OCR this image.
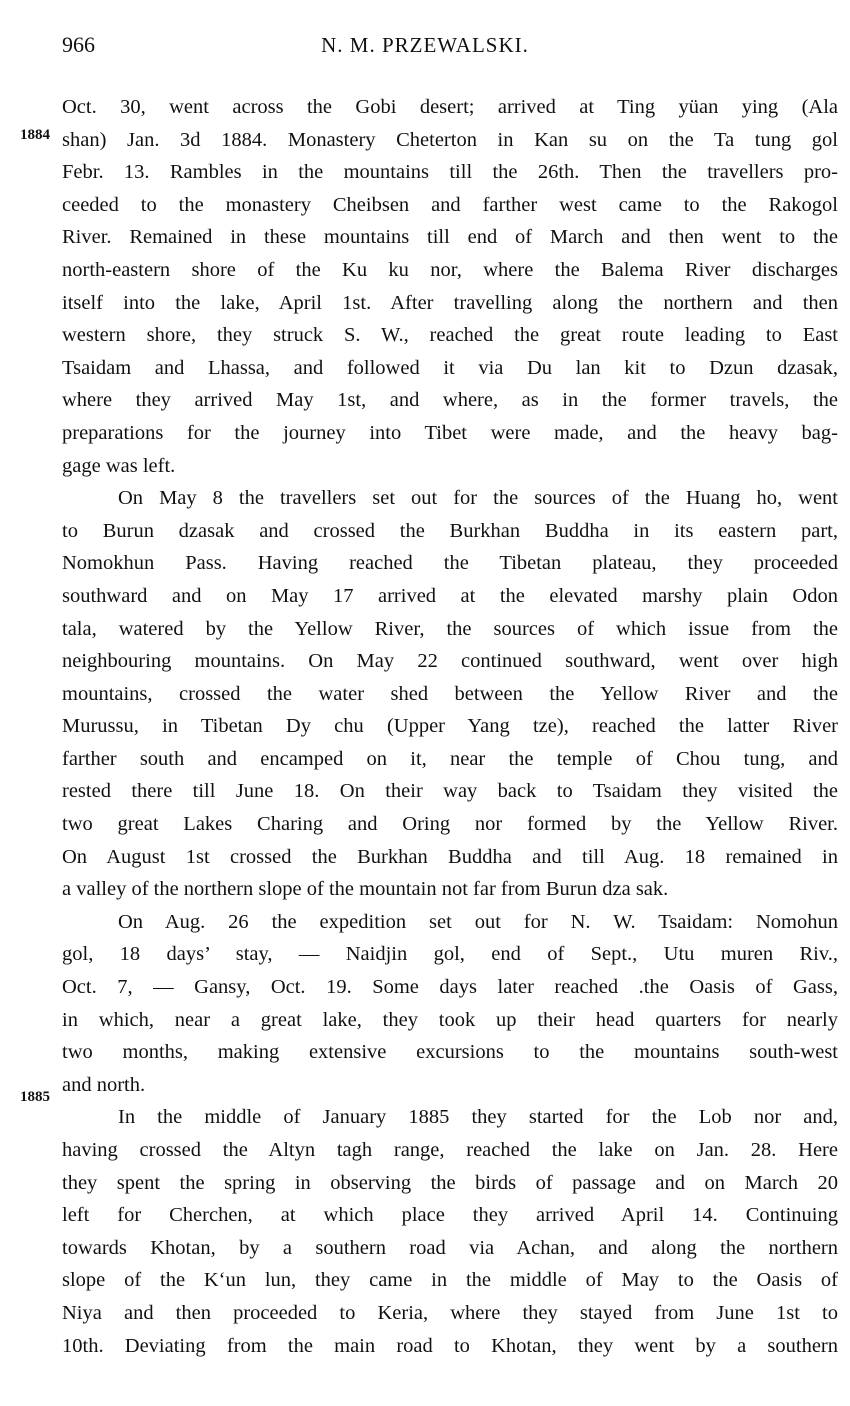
966	N. M. PRZEWALSKI.
1884
1885
Oct. 30, went across the Gobi desert; arrived at Ting yüan ying (Ala
shan) Jan. 3d 1884. Monastery Cheterton in Kan su on the Ta tung gol
Febr. 13. Rambles in the mountains till the 26th. Then the travellers pro-
ceeded to the monastery Cheibsen and farther west came to the Rakogol
River. Remained in these mountains till end of March and then went to the
north-eastern shore of the Ku ku nor, where the Balema River discharges
itself into the lake, April 1st. After travelling along the northern and then
western shore, they struck S. W., reached the great route leading to East
Tsaidam and Lhassa, and followed it via Du lan kit to Dzun dzasak,
where they arrived May 1st, and where, as in the former travels, the
preparations for the journey into Tibet were made, and the heavy bag-
gage was left.
On May 8 the travellers set out for the sources of the Huang ho, went
to Burun dzasak and crossed the Burkhan Buddha in its eastern part,
Nomokhun Pass. Having reached the Tibetan plateau, they proceeded
southward and on May 17 arrived at the elevated marshy plain Odon
tala, watered by the Yellow River, the sources of which issue from the
neighbouring mountains. On May 22 continued southward, went over high
mountains, crossed the water shed between the Yellow River and the
Murussu, in Tibetan Dy chu (Upper Yang tze), reached the latter River
farther south and encamped on it, near the temple of Chou tung, and
rested there till June 18. On their way back to Tsaidam they visited the
two great Lakes Charing and Oring nor formed by the Yellow River.
On August 1st crossed the Burkhan Buddha and till Aug. 18 remained in
a valley of the northern slope of the mountain not far from Burun dza sak.
On Aug. 26 the expedition set out for N. W. Tsaidam: Nomohun
gol, 18 days’ stay, — Naidjin gol, end of Sept., Utu muren Riv.,
Oct. 7, — Gansy, Oct. 19. Some days later reached .the Oasis of Gass,
in which, near a great lake, they took up their head quarters for nearly
two months, making extensive excursions to the mountains south-west
and north.
In the middle of January 1885 they started for the Lob nor and,
having crossed the Altyn tagh range, reached the lake on Jan. 28. Here
they spent the spring in observing the birds of passage and on March 20
left for Cherchen, at which place they arrived April 14. Continuing
towards Khotan, by a southern road via Achan, and along the northern
slope of the K‘un lun, they came in the middle of May to the Oasis of
Niya and then proceeded to Keria, where they stayed from June 1st to
10th. Deviating from the main road to Khotan, they went by a southern
